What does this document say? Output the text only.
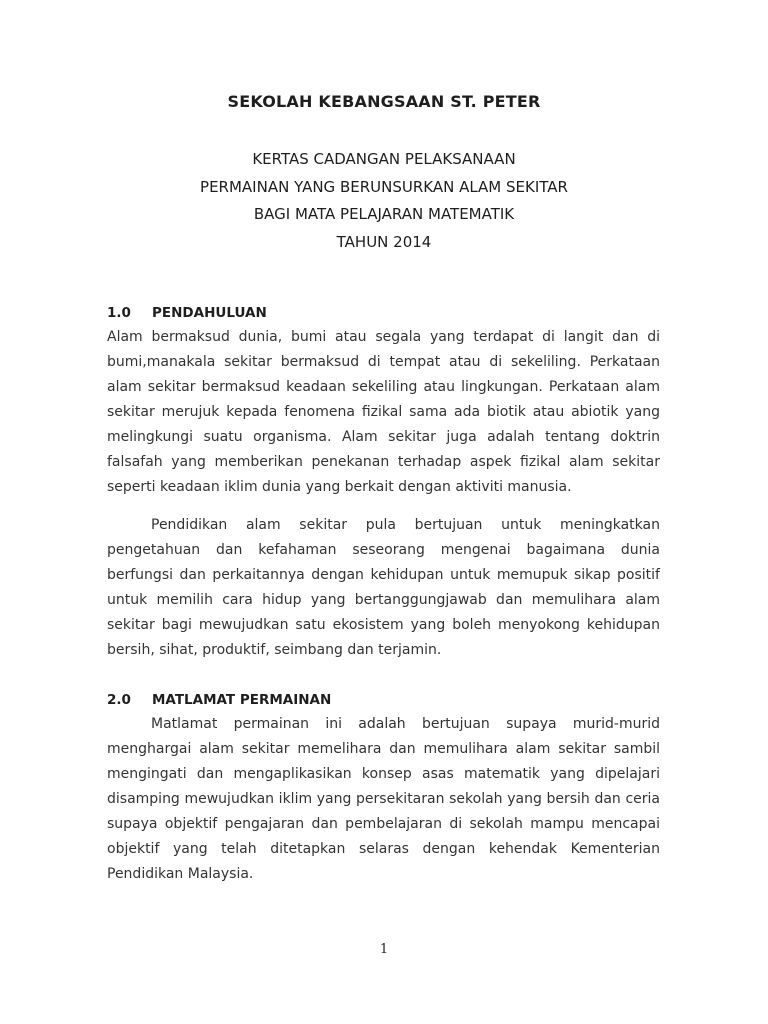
SEKOLAH KEBANGSAAN ST. PETER
KERTAS CADANGAN PELAKSANAAN
PERMAINAN YANG BERUNSURKAN ALAM SEKITAR
BAGI MATA PELAJARAN MATEMATIK
TAHUN 2014
1.0 PENDAHULUAN
Alam bermaksud dunia, bumi atau segala yang terdapat di langit dan di bumi,manakala sekitar bermaksud di tempat atau di sekeliling. Perkataan alam sekitar bermaksud keadaan sekeliling atau lingkungan. Perkataan alam sekitar merujuk kepada fenomena fizikal sama ada biotik atau abiotik yang melingkungi suatu organisma. Alam sekitar juga adalah tentang doktrin falsafah yang memberikan penekanan terhadap aspek fizikal alam sekitar seperti keadaan iklim dunia yang berkait dengan aktiviti manusia.
Pendidikan alam sekitar pula bertujuan untuk meningkatkan pengetahuan dan kefahaman seseorang mengenai bagaimana dunia berfungsi dan perkaitannya dengan kehidupan untuk memupuk sikap positif untuk memilih cara hidup yang bertanggungjawab dan memulihara alam sekitar bagi mewujudkan satu ekosistem yang boleh menyokong kehidupan bersih, sihat, produktif, seimbang dan terjamin.
2.0 MATLAMAT PERMAINAN
Matlamat permainan ini adalah bertujuan supaya murid-murid menghargai alam sekitar memelihara dan memulihara alam sekitar sambil mengingati dan mengaplikasikan konsep asas matematik yang dipelajari disamping mewujudkan iklim yang persekitaran sekolah yang bersih dan ceria supaya objektif pengajaran dan pembelajaran di sekolah mampu mencapai objektif yang telah ditetapkan selaras dengan kehendak Kementerian Pendidikan Malaysia.
1
